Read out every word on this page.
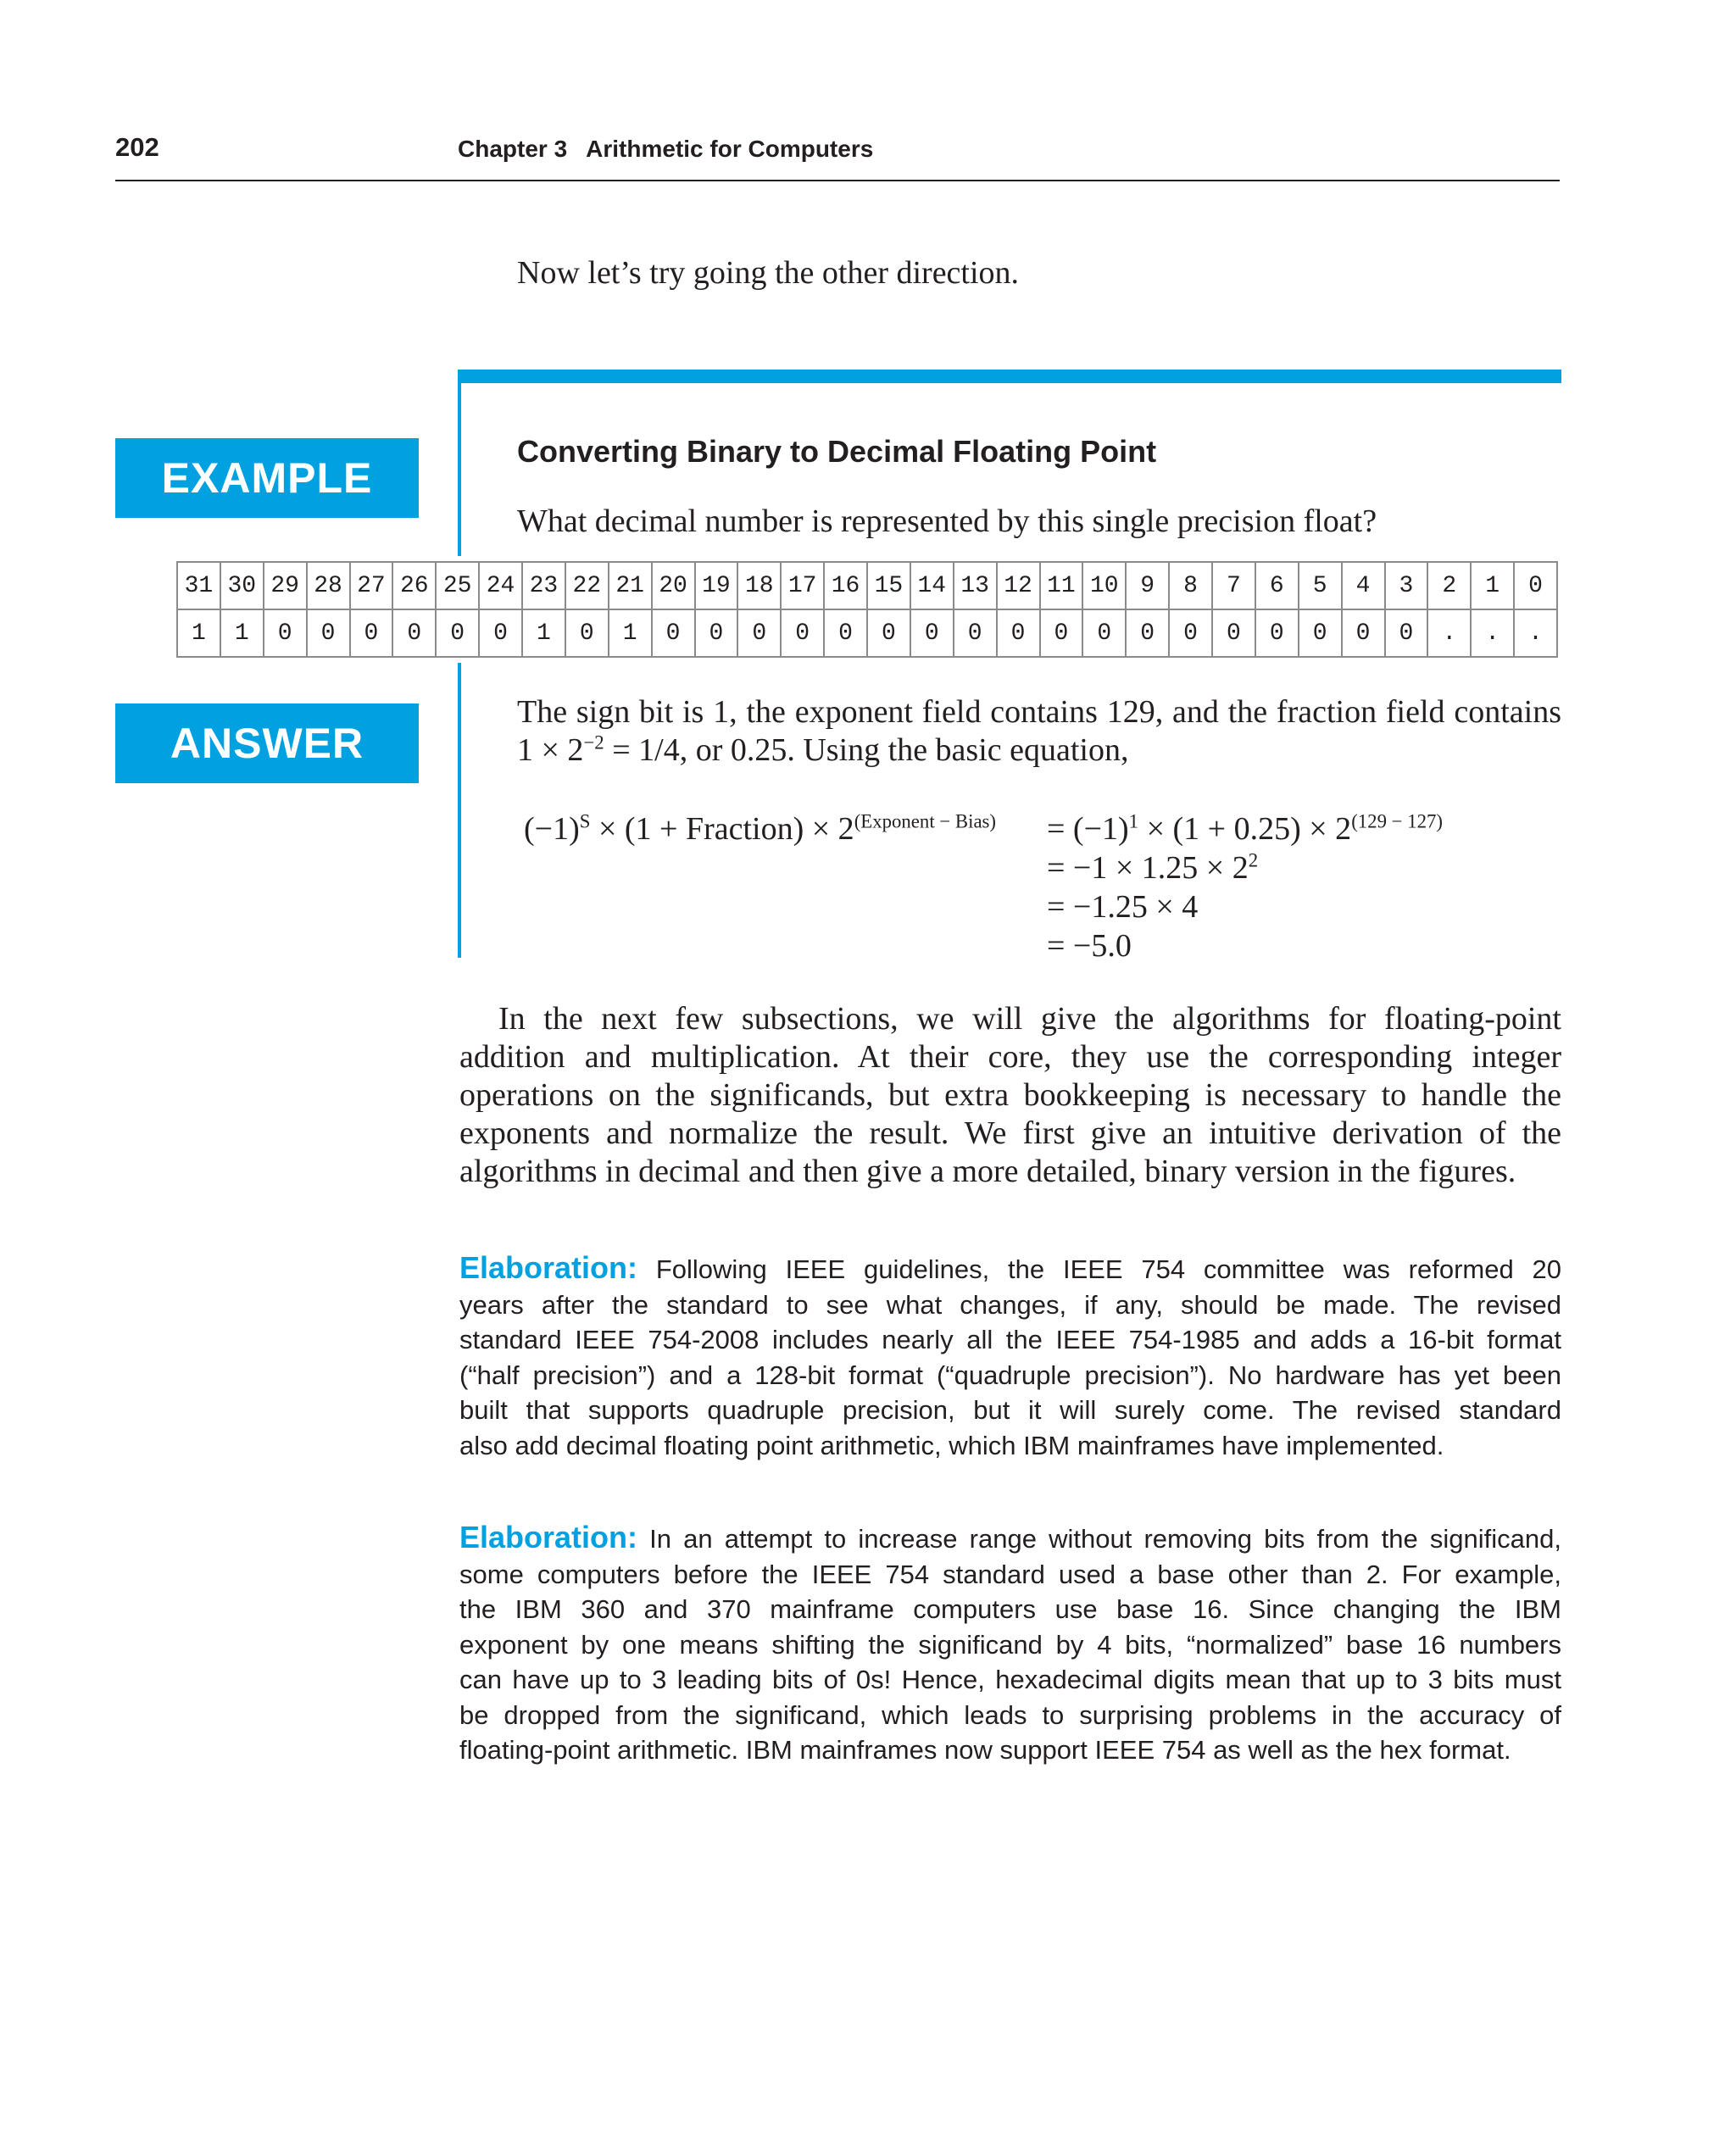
202	Chapter 3 Arithmetic for Computers
Now let’s try going the other direction.
EXAMPLE
Converting Binary to Decimal Floating Point
What decimal number is represented by this single precision float?
31	30	29	28	27	26	25	24	23	22	21	20	19	18	17	16	15	14	13	12	11	10	9	8	7	6	5	4	3	2	1	0
1	1	0	0	0	0	0	0	1	0	1	0	0	0	0	0	0	0	0	0	0	0	0	0	0	0	0	0	0	.	.	.
ANSWER
The sign bit is 1, the exponent field contains 129, and the fraction field contains
$1 \times 2^{-2} = 1/4$, or 0.25. Using the basic equation,
$(-1)^S \times (1$ + Fraction) × $2^{(Exponent - Bias)} = (-1)^1 \times (1 + 0.25) \times 2^{(129 - 127)}$
= $-1 \times 1.25 \times 2^2$
= −1.25 × 4
= −5.0
In the next few subsections, we will give the algorithms for floating-point
addition and multiplication. At their core, they use the corresponding integer
operations on the significands, but extra bookkeeping is necessary to handle the
exponents and normalize the result. We first give an intuitive derivation of the
algorithms in decimal and then give a more detailed, binary version in the figures.
Elaboration: Following IEEE guidelines, the IEEE 754 committee was reformed 20
years after the standard to see what changes, if any, should be made. The revised
standard IEEE 754-2008 includes nearly all the IEEE 754-1985 and adds a 16-bit format
(“half precision”) and a 128-bit format (“quadruple precision”). No hardware has yet been
built that supports quadruple precision, but it will surely come. The revised standard
also add decimal floating point arithmetic, which IBM mainframes have implemented.
Elaboration: In an attempt to increase range without removing bits from the significand,
some computers before the IEEE 754 standard used a base other than 2. For example,
the IBM 360 and 370 mainframe computers use base 16. Since changing the IBM
exponent by one means shifting the significand by 4 bits, “normalized” base 16 numbers
can have up to 3 leading bits of 0s! Hence, hexadecimal digits mean that up to 3 bits must
be dropped from the significand, which leads to surprising problems in the accuracy of
floating-point arithmetic. IBM mainframes now support IEEE 754 as well as the hex format.
